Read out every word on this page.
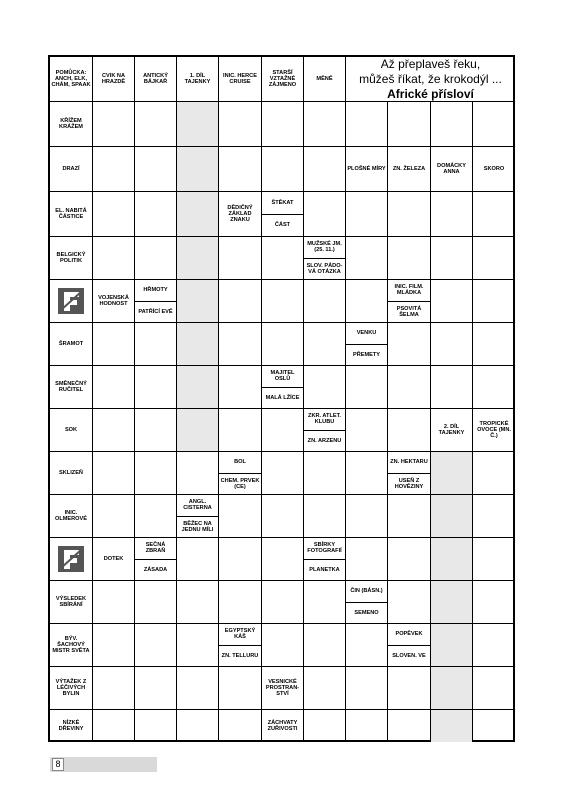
POMŮCKA: ANCH, ELK, CHÁM, SPAAK
CVIK NA HRAZDĚ
ANTICKÝ BÁJKAŘ
1. DÍL TAJENKY
INIC. HERCE CRUISE
STARŠÍ VZTAŽNÉ ZÁJMENO
MĚNĚ
Až přeplaveš řeku,
můžeš říkat, že krokodýl ...
Africké přísloví
KŘÍŽEM KRÁŽEM
DRAZÍ
EL. NABITÁ ČÁSTICE
BELGICKÝ POLITIK
ŠRAMOT
SMĚNEČNÝ RUČITEL
SOK
SKLIZEŇ
INIC. OLMEROVÉ
VÝSLEDEK SBÍRÁNÍ
BÝV. ŠACHOVÝ MISTR SVĚTA
VÝTAŽEK Z LÉČIVÝCH BYLIN
NÍZKÉ DŘEVINY
PLOŠNÉ MÍRY	ZN. ŽELEZA
DOMÁCKY ANNA
SKORO
DĚDIČNÝ ZÁKLAD ZNAKU
ŠTĚKAT
ČÁST
MUŽSKÉ JM. (25. 11.)
SLOV. PÁDO-VÁ OTÁZKA
VOJENSKÁ HODNOST
HŘMOTY
PATŘÍCÍ EVĚ
INIC. FILM. MLÁDKA
PSOVITÁ ŠELMA
VENKU
PŘEMETY
MAJITEL OSLŮ
MALÁ LŽÍCE
ZKR. ATLET. KLUBU
ZN. ARZENU
2. DÍL TAJENKY
TROPICKÉ OVOCE (MN. Č.)
BOL
CHEM. PRVEK (CE)
ZN. HEKTARU
USEŇ Z HOVĚZINY
ANGL. CISTERNA
BĚŽEC NA JEDNU MÍLI
DOTEK
SEČNÁ ZBRAŇ
ZÁSADA
SBÍRKY FOTOGRAFIÍ
PLANETKA
ČIN (BÁSN.)
SEMENO
EGYPTSKÝ KÁŠ
ZN. TELLURU
POPĚVEK
SLOVEN. VE
VESNICKÉ PROSTRAN-STVÍ
ZÁCHVATY ZUŘIVOSTI
8
